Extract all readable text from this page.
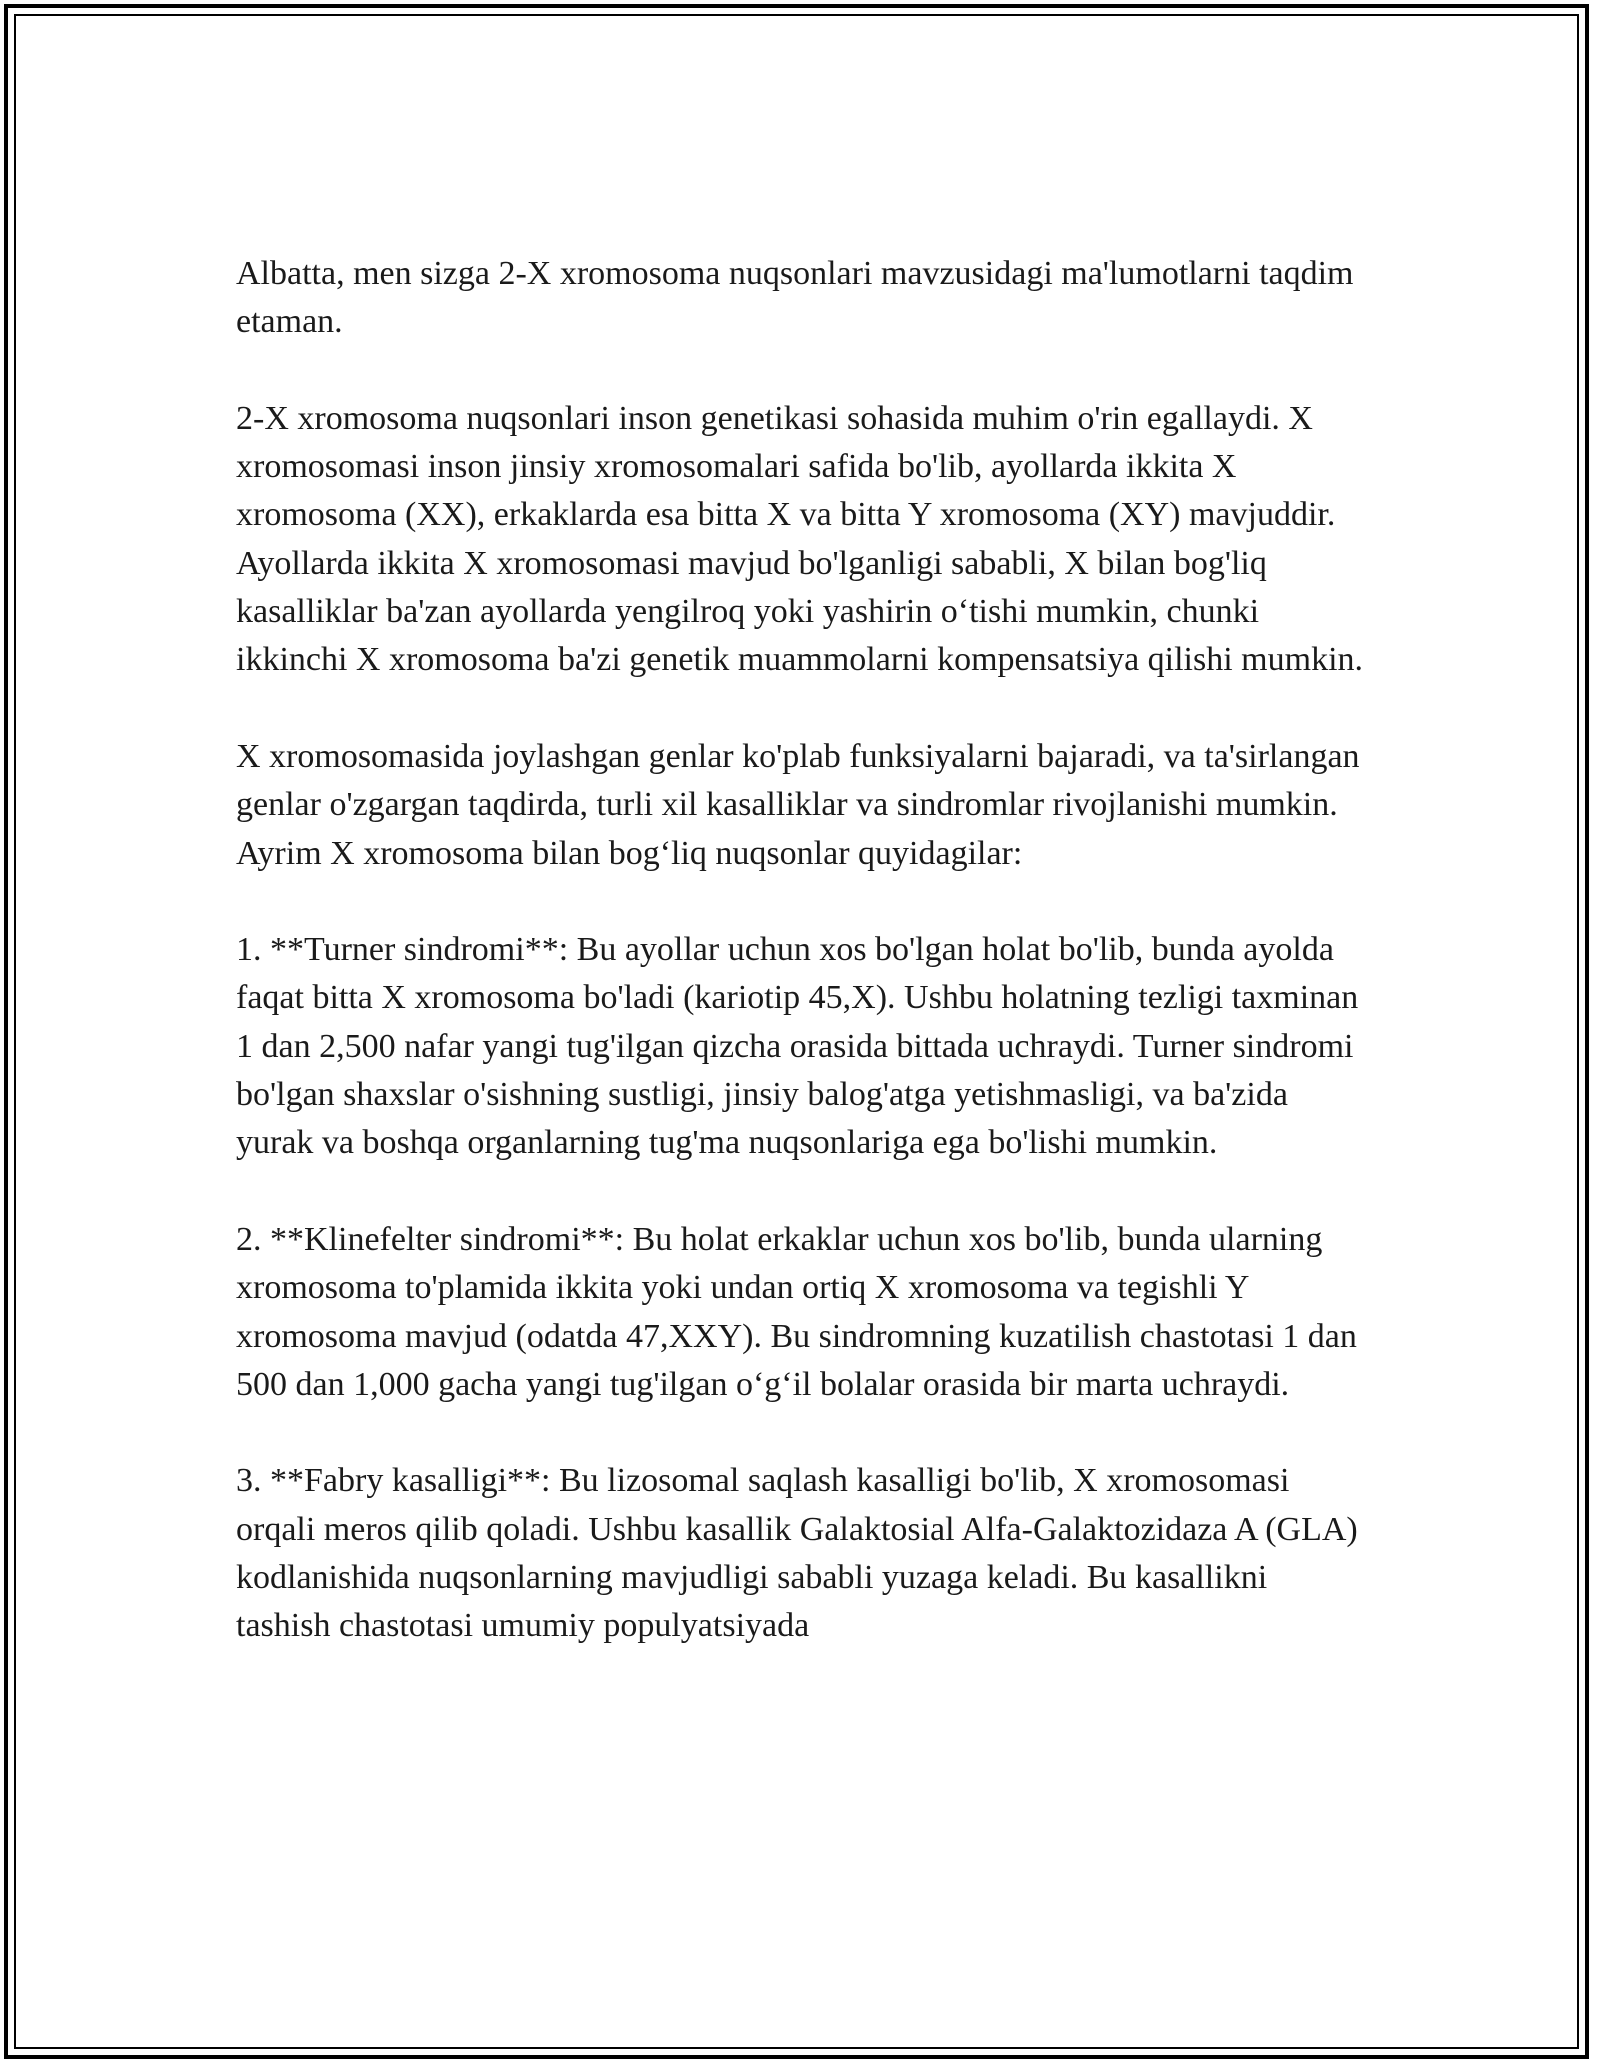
Albatta, men sizga 2-X xromosoma nuqsonlari mavzusidagi ma'lumotlarni taqdim etaman.

2-X xromosoma nuqsonlari inson genetikasi sohasida muhim o'rin egallaydi. X xromosomasi inson jinsiy xromosomalari safida bo'lib, ayollarda ikkita X xromosoma (XX), erkaklarda esa bitta X va bitta Y xromosoma (XY) mavjuddir. Ayollarda ikkita X xromosomasi mavjud bo'lganligi sababli, X bilan bog'liq kasalliklar ba'zan ayollarda yengilroq yoki yashirin o‘tishi mumkin, chunki ikkinchi X xromosoma ba'zi genetik muammolarni kompensatsiya qilishi mumkin.

X xromosomasida joylashgan genlar ko'plab funksiyalarni bajaradi, va ta'sirlangan genlar o'zgargan taqdirda, turli xil kasalliklar va sindromlar rivojlanishi mumkin. Ayrim X xromosoma bilan bog‘liq nuqsonlar quyidagilar:

1. **Turner sindromi**: Bu ayollar uchun xos bo'lgan holat bo'lib, bunda ayolda faqat bitta X xromosoma bo'ladi (kariotip 45,X). Ushbu holatning tezligi taxminan 1 dan 2,500 nafar yangi tug'ilgan qizcha orasida bittada uchraydi. Turner sindromi bo'lgan shaxslar o'sishning sustligi, jinsiy balog'atga yetishmasligi, va ba'zida yurak va boshqa organlarning tug'ma nuqsonlariga ega bo'lishi mumkin.

2. **Klinefelter sindromi**: Bu holat erkaklar uchun xos bo'lib, bunda ularning xromosoma to'plamida ikkita yoki undan ortiq X xromosoma va tegishli Y xromosoma mavjud (odatda 47,XXY). Bu sindromning kuzatilish chastotasi 1 dan 500 dan 1,000 gacha yangi tug'ilgan o‘g‘il bolalar orasida bir marta uchraydi.

3. **Fabry kasalligi**: Bu lizosomal saqlash kasalligi bo'lib, X xromosomasi orqali meros qilib qoladi. Ushbu kasallik Galaktosial Alfa-Galaktozidaza A (GLA) kodlanishida nuqsonlarning mavjudligi sababli yuzaga keladi. Bu kasallikni tashish chastotasi umumiy populyatsiyada
